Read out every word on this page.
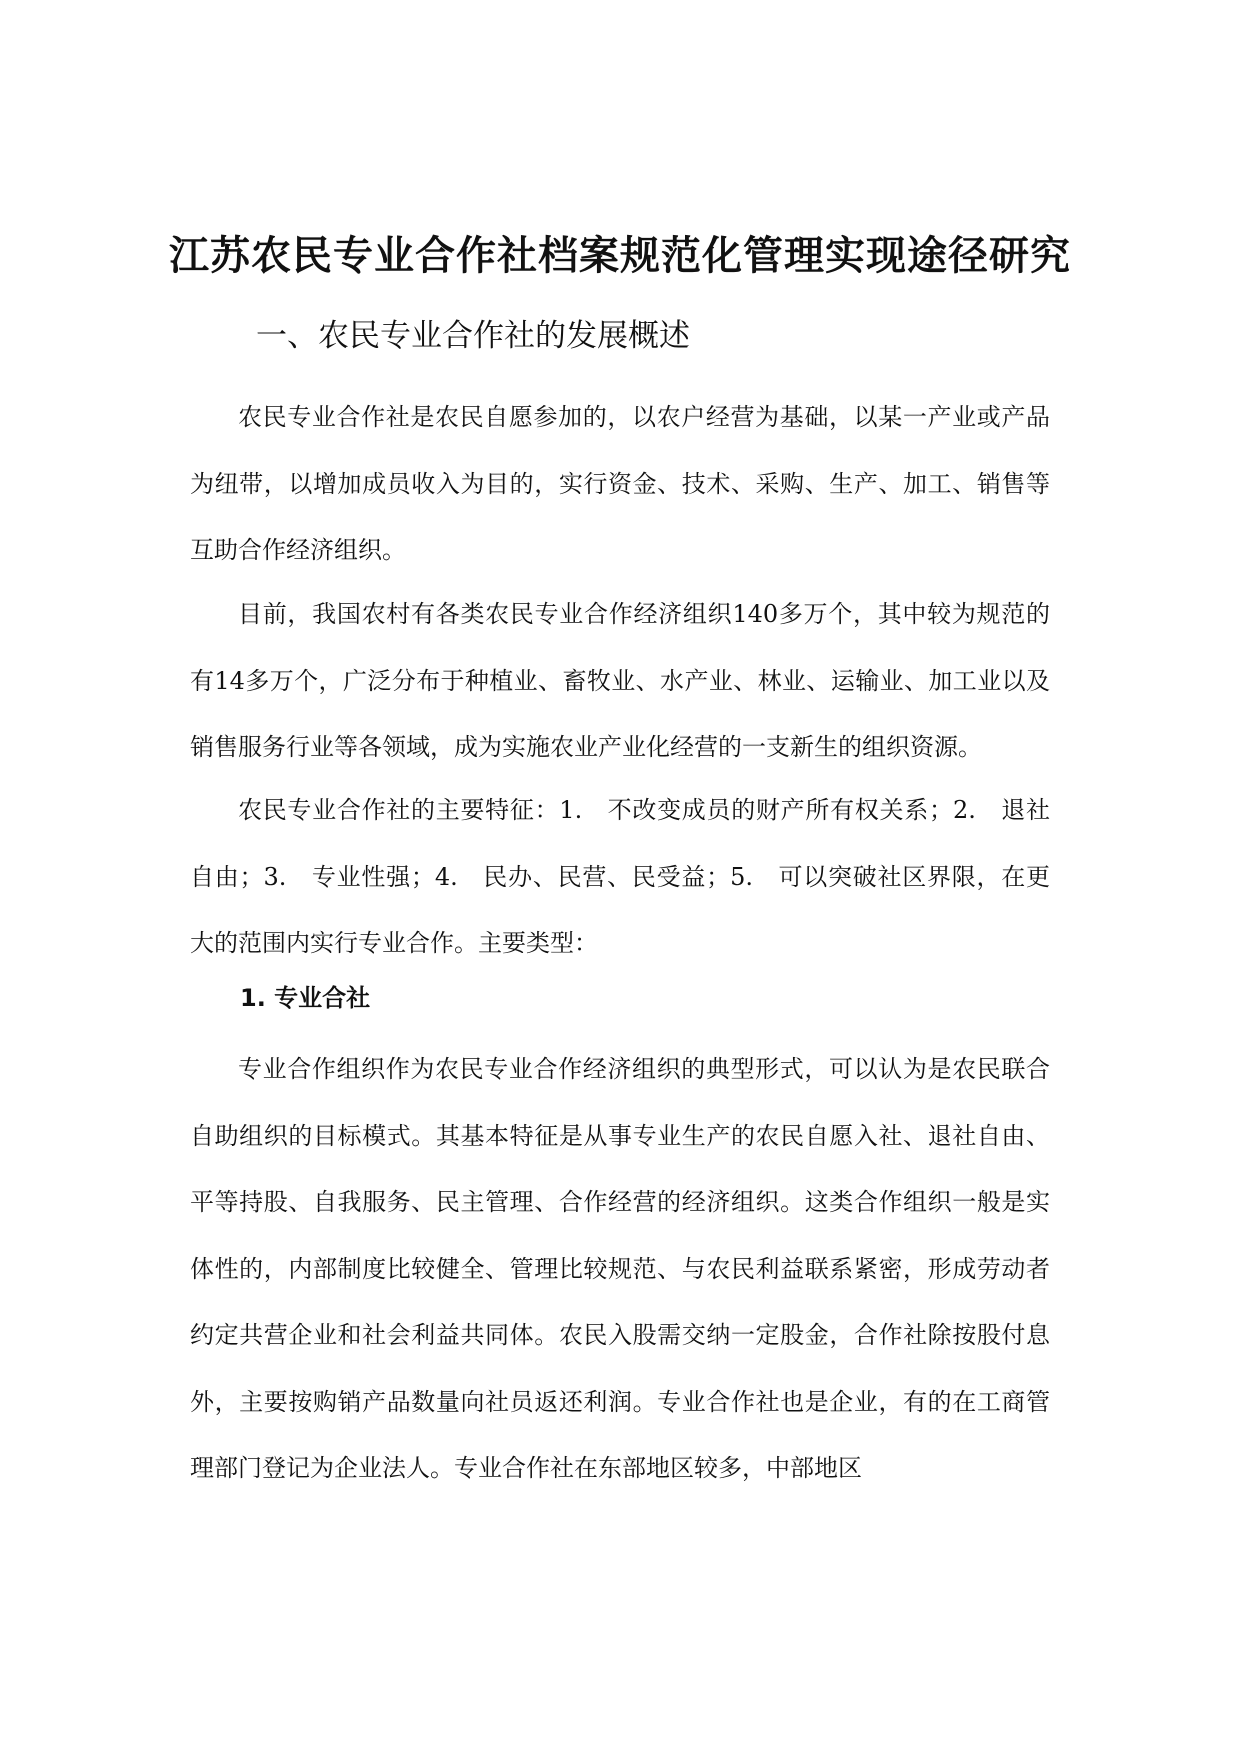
江苏农民专业合作社档案规范化管理实现途径研究
一、农民专业合作社的发展概述

农民专业合作社是农民自愿参加的，以农户经营为基础，以某一产业或产品为纽带，以增加成员收入为目的，实行资金、技术、采购、生产、加工、销售等互助合作经济组织。

目前，我国农村有各类农民专业合作经济组织140多万个，其中较为规范的有14多万个，广泛分布于种植业、畜牧业、水产业、林业、运输业、加工业以及销售服务行业等各领域，成为实施农业产业化经营的一支新生的组织资源。

农民专业合作社的主要特征：1.　不改变成员的财产所有权关系；2.　退社自由；3.　专业性强；4.　民办、民营、民受益；5.　可以突破社区界限，在更大的范围内实行专业合作。主要类型：

1. 专业合社

专业合作组织作为农民专业合作经济组织的典型形式，可以认为是农民联合自助组织的目标模式。其基本特征是从事专业生产的农民自愿入社、退社自由、平等持股、自我服务、民主管理、合作经营的经济组织。这类合作组织一般是实体性的，内部制度比较健全、管理比较规范、与农民利益联系紧密，形成劳动者约定共营企业和社会利益共同体。农民入股需交纳一定股金，合作社除按股付息外，主要按购销产品数量向社员返还利润。专业合作社也是企业，有的在工商管理部门登记为企业法人。专业合作社在东部地区较多，中部地区
